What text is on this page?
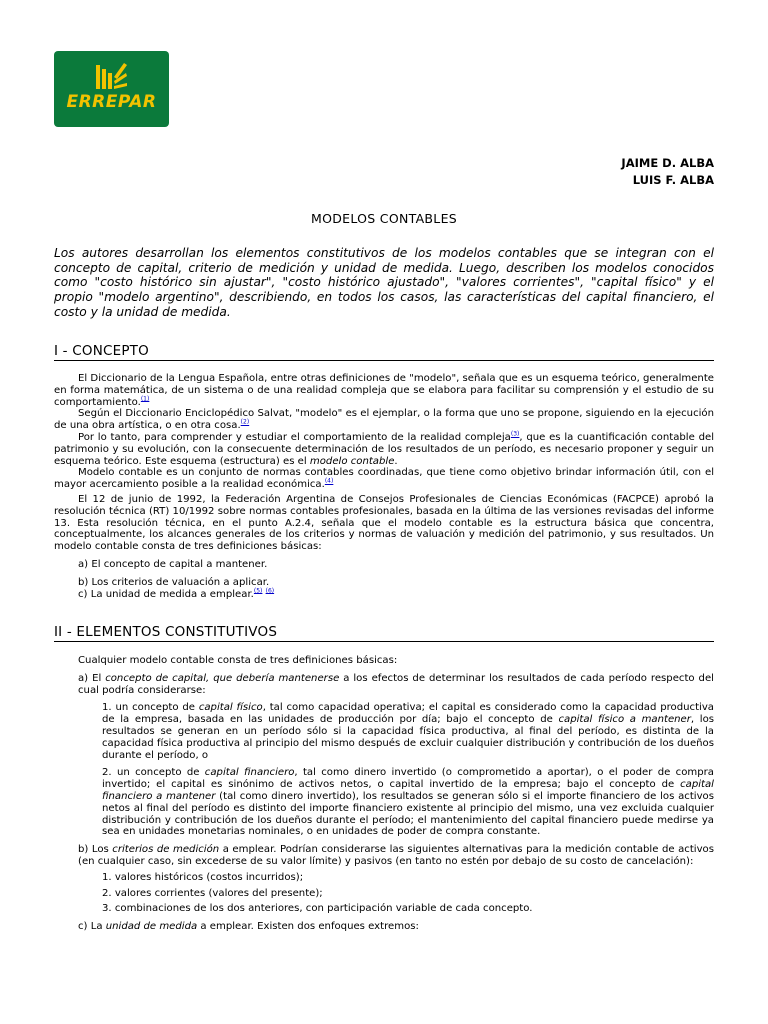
ERREPAR
JAIME D. ALBA
LUIS F. ALBA
MODELOS CONTABLES
Los autores desarrollan los elementos constitutivos de los modelos contables que se integran con el concepto de capital, criterio de medición y unidad de medida. Luego, describen los modelos conocidos como "costo histórico sin ajustar", "costo histórico ajustado", "valores corrientes", "capital físico" y el propio "modelo argentino", describiendo, en todos los casos, las características del capital financiero, el costo y la unidad de medida.
I - CONCEPTO

El Diccionario de la Lengua Española, entre otras definiciones de "modelo", señala que es un esquema teórico, generalmente en forma matemática, de un sistema o de una realidad compleja que se elabora para facilitar su comprensión y el estudio de su comportamiento.$^{(1)}$

Según el Diccionario Enciclopédico Salvat, "modelo" es el ejemplar, o la forma que uno se propone, siguiendo en la ejecución de una obra artística, o en otra cosa.$^{(2)}$

Por lo tanto, para comprender y estudiar el comportamiento de la realidad compleja$^{(3)}$, que es la cuantificación contable del patrimonio y su evolución, con la consecuente determinación de los resultados de un período, es necesario proponer y seguir un esquema teórico. Este esquema (estructura) es el modelo contable.

Modelo contable es un conjunto de normas contables coordinadas, que tiene como objetivo brindar información útil, con el mayor acercamiento posible a la realidad económica.$^{(4)}$

El 12 de junio de 1992, la Federación Argentina de Consejos Profesionales de Ciencias Económicas (FACPCE) aprobó la resolución técnica (RT) 10/1992 sobre normas contables profesionales, basada en la última de las versiones revisadas del informe 13. Esta resolución técnica, en el punto A.2.4, señala que el modelo contable es la estructura básica que concentra, conceptualmente, los alcances generales de los criterios y normas de valuación y medición del patrimonio, y sus resultados. Un modelo contable consta de tres definiciones básicas:

a) El concepto de capital a mantener.

b) Los criterios de valuación a aplicar.

c) La unidad de medida a emplear.$^{(5)}$ $^{(6)}$

II - ELEMENTOS CONSTITUTIVOS

Cualquier modelo contable consta de tres definiciones básicas:

a) El concepto de capital, que debería mantenerse a los efectos de determinar los resultados de cada período respecto del cual podría considerarse:

1. un concepto de capital físico, tal como capacidad operativa; el capital es considerado como la capacidad productiva de la empresa, basada en las unidades de producción por día; bajo el concepto de capital físico a mantener, los resultados se generan en un período sólo si la capacidad física productiva, al final del período, es distinta de la capacidad física productiva al principio del mismo después de excluir cualquier distribución y contribución de los dueños durante el período, o

2. un concepto de capital financiero, tal como dinero invertido (o comprometido a aportar), o el poder de compra invertido; el capital es sinónimo de activos netos, o capital invertido de la empresa; bajo el concepto de capital financiero a mantener (tal como dinero invertido), los resultados se generan sólo si el importe financiero de los activos netos al final del período es distinto del importe financiero existente al principio del mismo, una vez excluida cualquier distribución y contribución de los dueños durante el período; el mantenimiento del capital financiero puede medirse ya sea en unidades monetarias nominales, o en unidades de poder de compra constante.

b) Los criterios de medición a emplear. Podrían considerarse las siguientes alternativas para la medición contable de activos (en cualquier caso, sin excederse de su valor límite) y pasivos (en tanto no estén por debajo de su costo de cancelación):

1. valores históricos (costos incurridos);

2. valores corrientes (valores del presente);

3. combinaciones de los dos anteriores, con participación variable de cada concepto.

c) La unidad de medida a emplear. Existen dos enfoques extremos:
